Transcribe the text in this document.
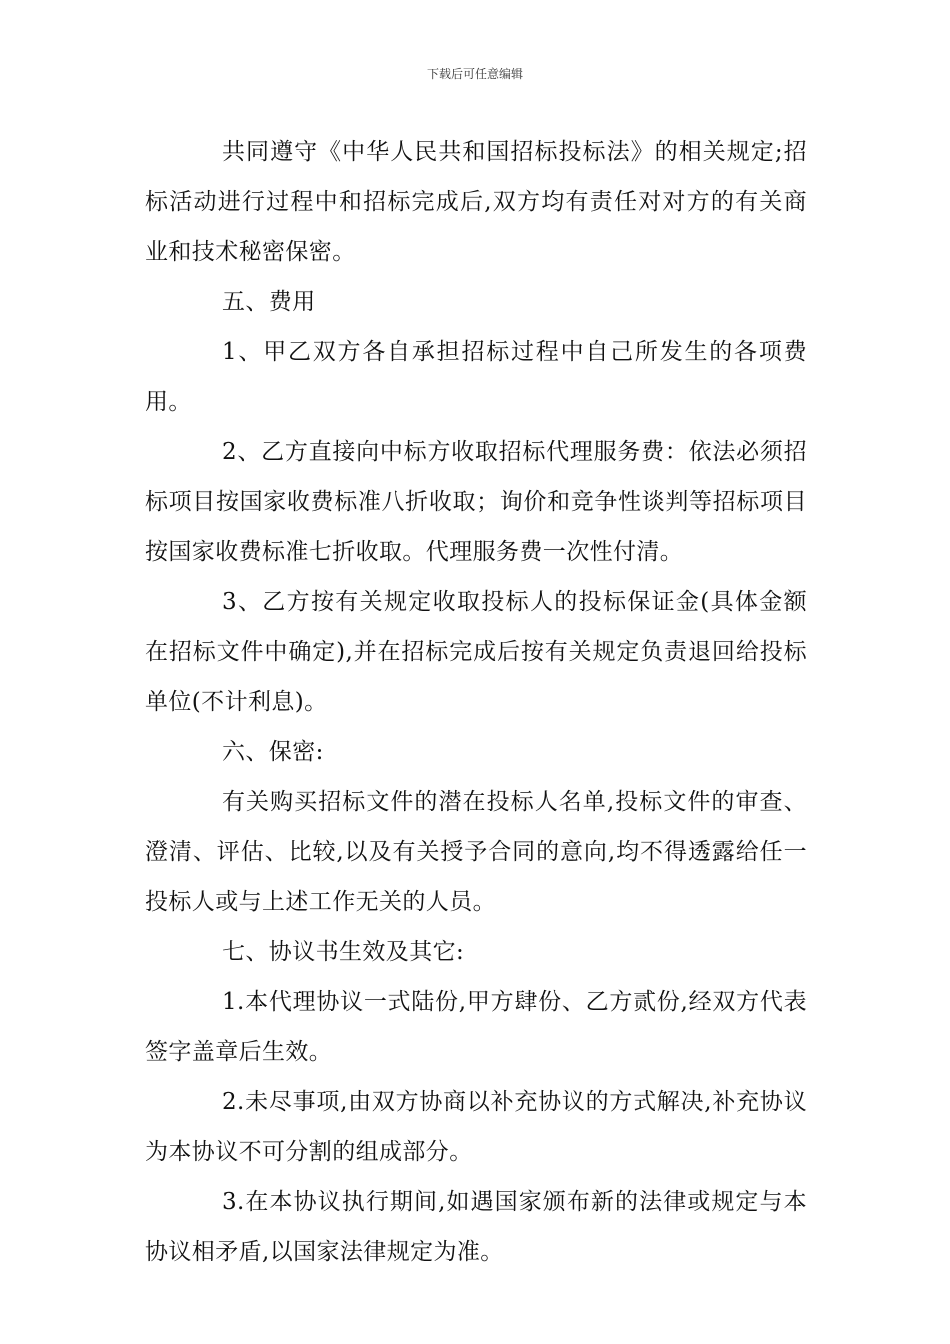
下载后可任意编辑

共同遵守《中华人民共和国招标投标法》的相关规定;招标活动进行过程中和招标完成后,双方均有责任对对方的有关商业和技术秘密保密。

五、费用

1、甲乙双方各自承担招标过程中自己所发生的各项费用。

2、乙方直接向中标方收取招标代理服务费：依法必须招标项目按国家收费标准八折收取；询价和竞争性谈判等招标项目按国家收费标准七折收取。代理服务费一次性付清。

3、乙方按有关规定收取投标人的投标保证金(具体金额在招标文件中确定),并在招标完成后按有关规定负责退回给投标单位(不计利息)。

六、保密:

有关购买招标文件的潜在投标人名单,投标文件的审查、澄清、评估、比较,以及有关授予合同的意向,均不得透露给任一投标人或与上述工作无关的人员。

七、协议书生效及其它:

1.本代理协议一式陆份,甲方肆份、乙方贰份,经双方代表签字盖章后生效。

2.未尽事项,由双方协商以补充协议的方式解决,补充协议为本协议不可分割的组成部分。

3.在本协议执行期间,如遇国家颁布新的法律或规定与本协议相矛盾,以国家法律规定为准。
